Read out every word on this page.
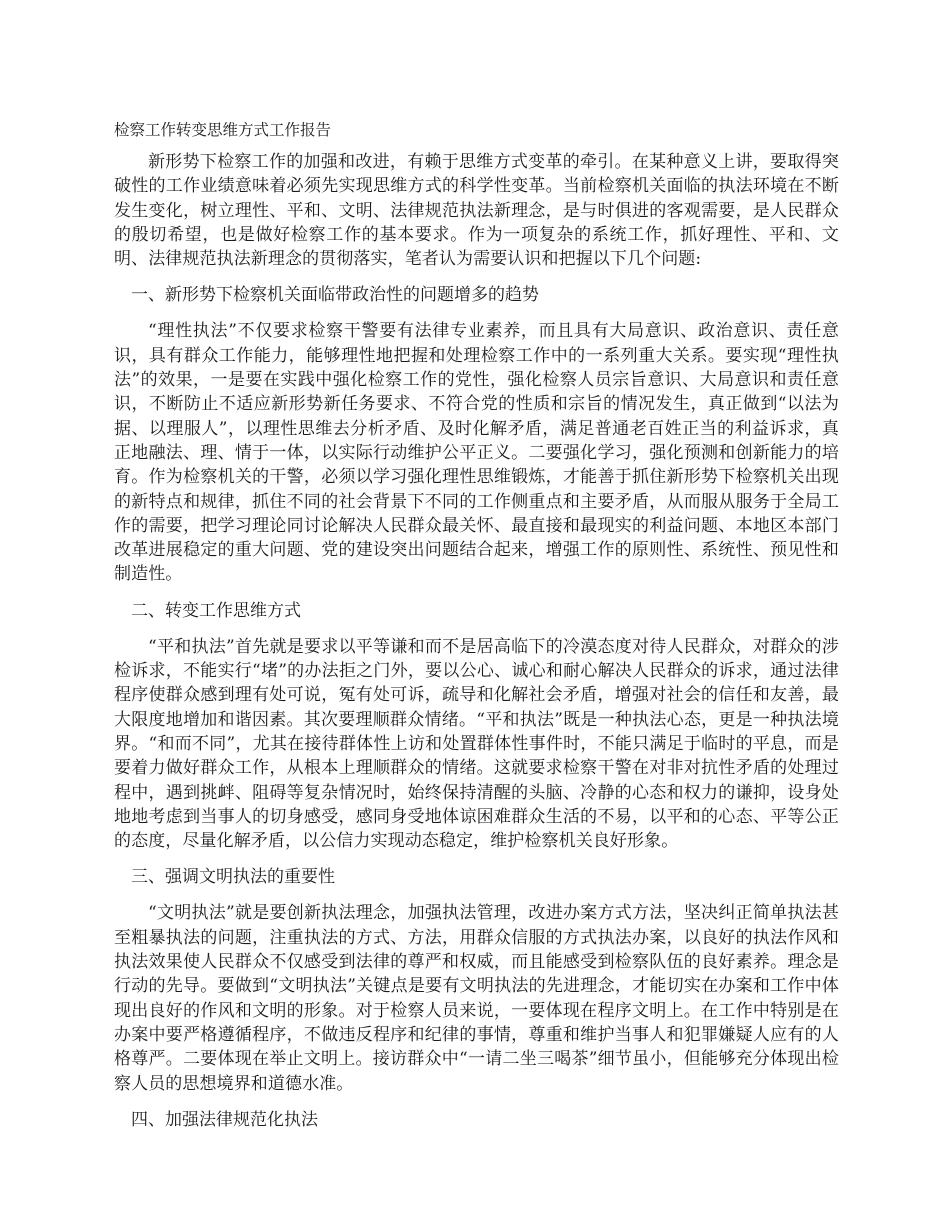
检察工作转变思维方式工作报告

新形势下检察工作的加强和改进，有赖于思维方式变革的牵引。在某种意义上讲，要取得突破性的工作业绩意味着必须先实现思维方式的科学性变革。当前检察机关面临的执法环境在不断发生变化，树立理性、平和、文明、法律规范执法新理念，是与时俱进的客观需要，是人民群众的殷切希望，也是做好检察工作的基本要求。作为一项复杂的系统工作，抓好理性、平和、文明、法律规范执法新理念的贯彻落实，笔者认为需要认识和把握以下几个问题:

一、新形势下检察机关面临带政治性的问题增多的趋势

“理性执法”不仅要求检察干警要有法律专业素养，而且具有大局意识、政治意识、责任意识，具有群众工作能力，能够理性地把握和处理检察工作中的一系列重大关系。要实现“理性执法”的效果，一是要在实践中强化检察工作的党性，强化检察人员宗旨意识、大局意识和责任意识，不断防止不适应新形势新任务要求、不符合党的性质和宗旨的情况发生，真正做到“以法为据、以理服人”，以理性思维去分析矛盾、及时化解矛盾，满足普通老百姓正当的利益诉求，真正地融法、理、情于一体，以实际行动维护公平正义。二要强化学习，强化预测和创新能力的培育。作为检察机关的干警，必须以学习强化理性思维锻炼，才能善于抓住新形势下检察机关出现的新特点和规律，抓住不同的社会背景下不同的工作侧重点和主要矛盾，从而服从服务于全局工作的需要，把学习理论同讨论解决人民群众最关怀、最直接和最现实的利益问题、本地区本部门改革进展稳定的重大问题、党的建设突出问题结合起来，增强工作的原则性、系统性、预见性和制造性。

二、转变工作思维方式

“平和执法”首先就是要求以平等谦和而不是居高临下的冷漠态度对待人民群众，对群众的涉检诉求，不能实行“堵”的办法拒之门外，要以公心、诚心和耐心解决人民群众的诉求，通过法律程序使群众感到理有处可说，冤有处可诉，疏导和化解社会矛盾，增强对社会的信任和友善，最大限度地增加和谐因素。其次要理顺群众情绪。“平和执法”既是一种执法心态，更是一种执法境界。“和而不同”，尤其在接待群体性上访和处置群体性事件时，不能只满足于临时的平息，而是要着力做好群众工作，从根本上理顺群众的情绪。这就要求检察干警在对非对抗性矛盾的处理过程中，遇到挑衅、阻碍等复杂情况时，始终保持清醒的头脑、冷静的心态和权力的谦抑，设身处地地考虑到当事人的切身感受，感同身受地体谅困难群众生活的不易，以平和的心态、平等公正的态度，尽量化解矛盾，以公信力实现动态稳定，维护检察机关良好形象。

三、强调文明执法的重要性

“文明执法”就是要创新执法理念，加强执法管理，改进办案方式方法，坚决纠正简单执法甚至粗暴执法的问题，注重执法的方式、方法，用群众信服的方式执法办案，以良好的执法作风和执法效果使人民群众不仅感受到法律的尊严和权威，而且能感受到检察队伍的良好素养。理念是行动的先导。要做到“文明执法”关键点是要有文明执法的先进理念，才能切实在办案和工作中体现出良好的作风和文明的形象。对于检察人员来说，一要体现在程序文明上。在工作中特别是在办案中要严格遵循程序，不做违反程序和纪律的事情，尊重和维护当事人和犯罪嫌疑人应有的人格尊严。二要体现在举止文明上。接访群众中“一请二坐三喝茶”细节虽小，但能够充分体现出检察人员的思想境界和道德水准。

四、加强法律规范化执法
